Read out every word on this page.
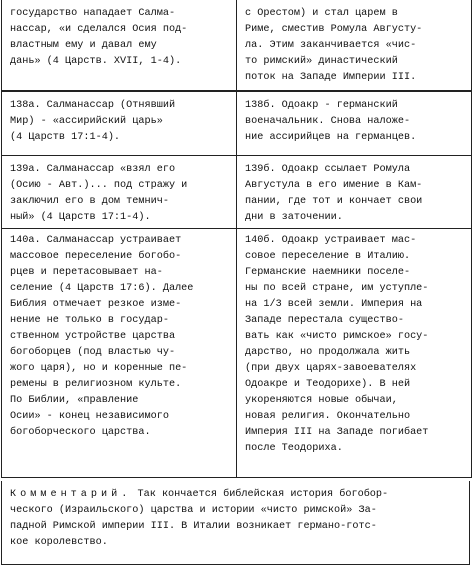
государство нападает Салма-
нассар, «и сделался Осия под-
властным ему и давал ему
дань» (4 Царств. XVII, 1-4).
с Орестом) и стал царем в
Риме, сместив Ромула Августу-
ла. Этим заканчивается «чис-
то римский» династический
поток на Западе Империи III.
138а. Салманассар (Отнявший
Мир) - «ассирийский царь»
(4 Царств 17:1-4).
138б. Одоакр - германский
военачальник. Снова наложе-
ние ассирийцев на германцев.
139а. Салманассар «взял его
(Осию - Авт.)... под стражу и
заключил его в дом темнич-
ный» (4 Царств 17:1-4).
139б. Одоакр ссылает Ромула
Августула в его имение в Кам-
пании, где тот и кончает свои
дни в заточении.
140а. Салманассар устраивает
массовое переселение богобо-
рцев и перетасовывает на-
селение (4 Царств 17:6). Далее
Библия отмечает резкое изме-
нение не только в государ-
ственном устройстве царства
богоборцев (под властью чу-
жого царя), но и коренные пе-
ремены в религиозном культе.
По Библии, «правление
Осии» - конец независимого
богоборческого царства.
140б. Одоакр устраивает мас-
совое переселение в Италию.
Германские наемники поселе-
ны по всей стране, им уступле-
на 1/3 всей земли. Империя на
Западе перестала существо-
вать как «чисто римское» госу-
дарство, но продолжала жить
(при двух царях-завоевателях
Одоакре и Теодорихе). В ней
укореняются новые обычаи,
новая религия. Окончательно
Империя III на Западе погибает
после Теодориха.
Комментарий. Так кончается библейская история богобор-
ческого (Израильского) царства и истории «чисто римской» За-
падной Римской империи III. В Италии возникает германо-готс-
кое королевство.
